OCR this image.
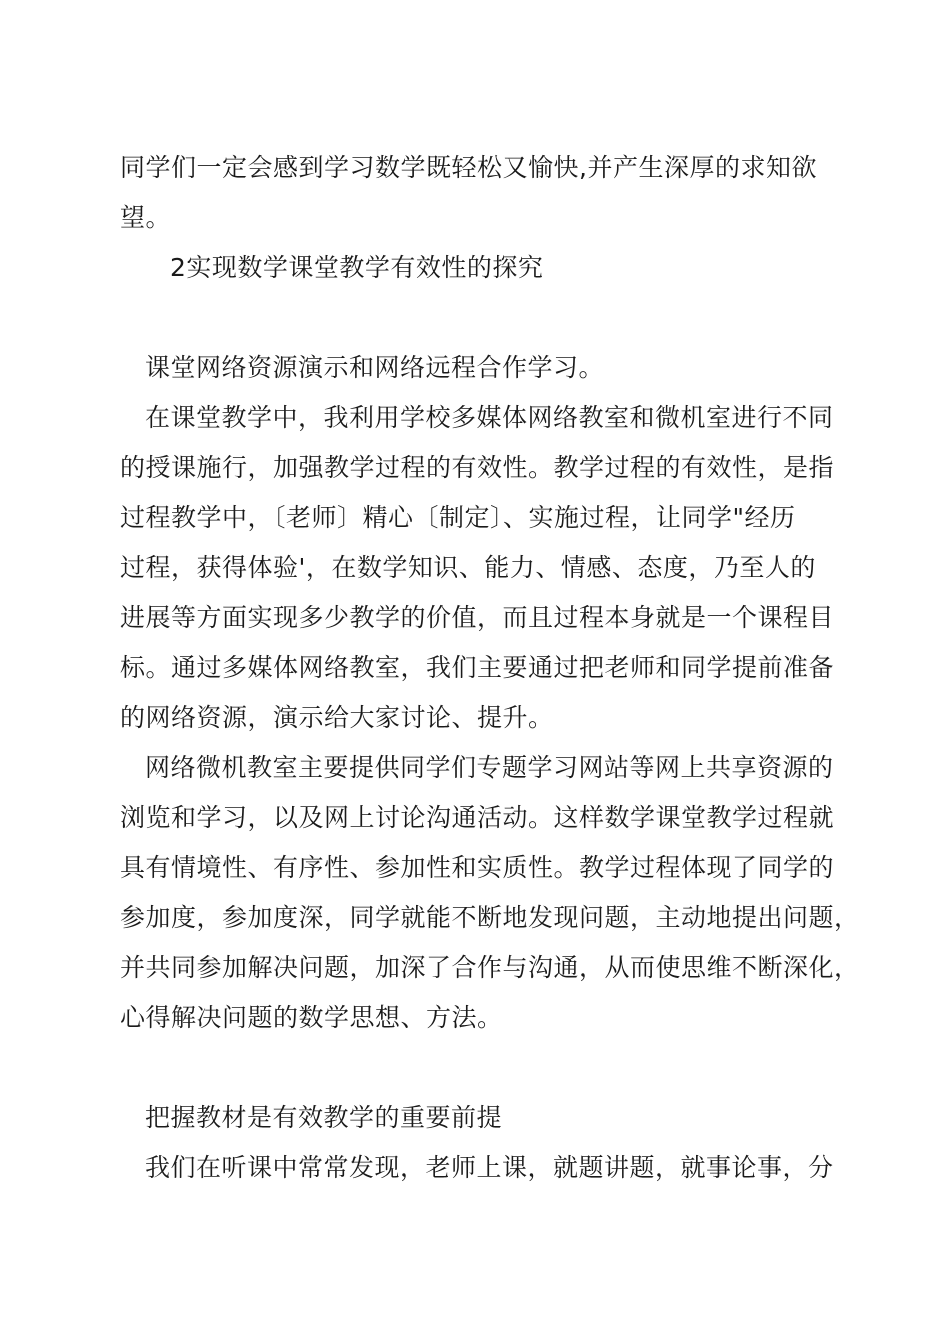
同学们一定会感到学习数学既轻松又愉快,并产生深厚的求知欲
望。
2实现数学课堂教学有效性的探究
课堂网络资源演示和网络远程合作学习。
在课堂教学中，我利用学校多媒体网络教室和微机室进行不同
的授课施行，加强教学过程的有效性。教学过程的有效性，是指
过程教学中，〔老师〕精心〔制定〕、实施过程，让同学"经历
过程，获得体验'，在数学知识、能力、情感、态度，乃至人的
进展等方面实现多少教学的价值，而且过程本身就是一个课程目
标。通过多媒体网络教室，我们主要通过把老师和同学提前准备
的网络资源，演示给大家讨论、提升。
网络微机教室主要提供同学们专题学习网站等网上共享资源的
浏览和学习，以及网上讨论沟通活动。这样数学课堂教学过程就
具有情境性、有序性、参加性和实质性。教学过程体现了同学的
参加度，参加度深，同学就能不断地发现问题，主动地提出问题，
并共同参加解决问题，加深了合作与沟通，从而使思维不断深化，
心得解决问题的数学思想、方法。
把握教材是有效教学的重要前提
我们在听课中常常发现，老师上课，就题讲题，就事论事，分
